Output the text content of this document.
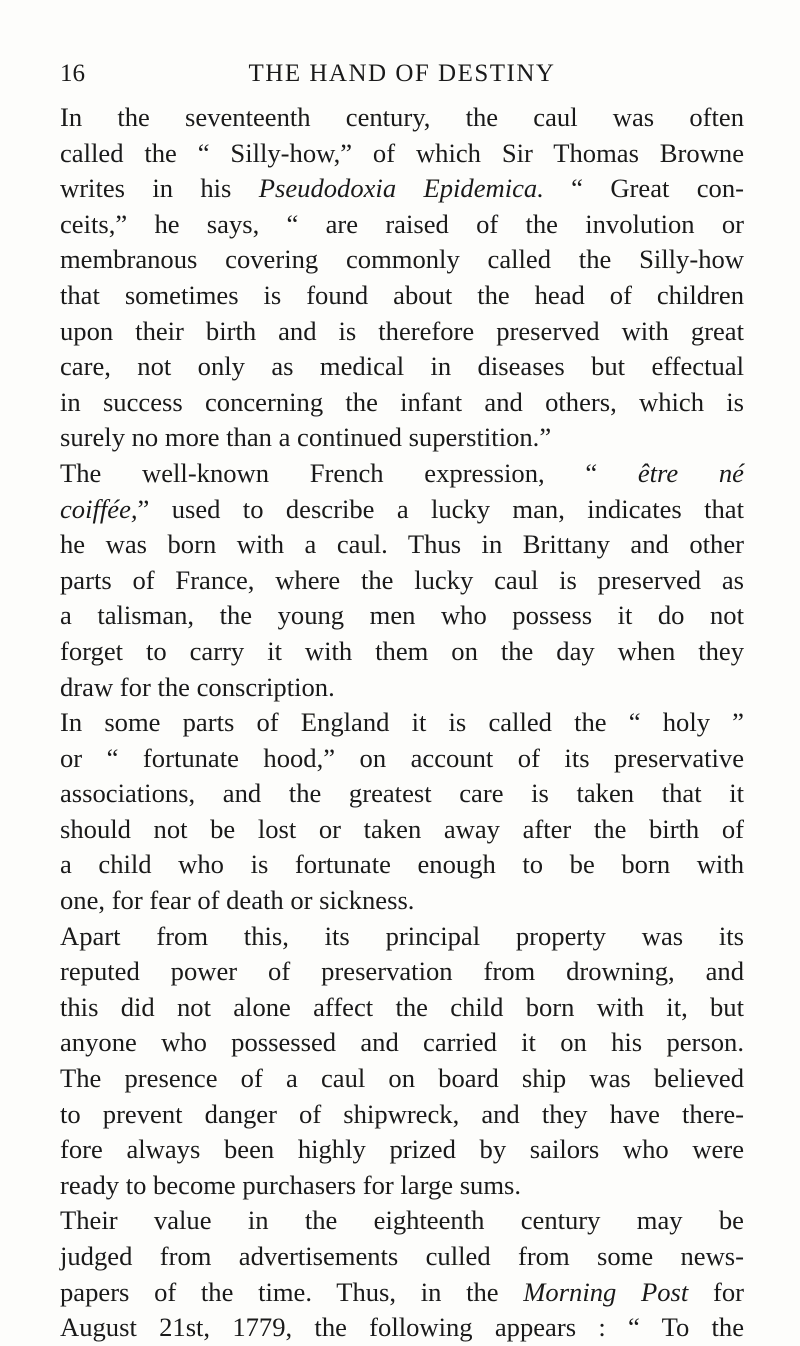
16	THE HAND OF DESTINY
In the seventeenth century, the caul was often
called the “ Silly-how,” of which Sir Thomas Browne
writes in his Pseudodoxia Epidemica. “ Great con-
ceits,” he says, “ are raised of the involution or
membranous covering commonly called the Silly-how
that sometimes is found about the head of children
upon their birth and is therefore preserved with great
care, not only as medical in diseases but effectual
in success concerning the infant and others, which is
surely no more than a continued superstition.”
The well-known French expression, “ être né
coiffée,” used to describe a lucky man, indicates that
he was born with a caul. Thus in Brittany and other
parts of France, where the lucky caul is preserved as
a talisman, the young men who possess it do not
forget to carry it with them on the day when they
draw for the conscription.
In some parts of England it is called the “ holy ”
or “ fortunate hood,” on account of its preservative
associations, and the greatest care is taken that it
should not be lost or taken away after the birth of
a child who is fortunate enough to be born with
one, for fear of death or sickness.
Apart from this, its principal property was its
reputed power of preservation from drowning, and
this did not alone affect the child born with it, but
anyone who possessed and carried it on his person.
The presence of a caul on board ship was believed
to prevent danger of shipwreck, and they have there-
fore always been highly prized by sailors who were
ready to become purchasers for large sums.
Their value in the eighteenth century may be
judged from advertisements culled from some news-
papers of the time. Thus, in the Morning Post for
August 21st, 1779, the following appears : “ To the
